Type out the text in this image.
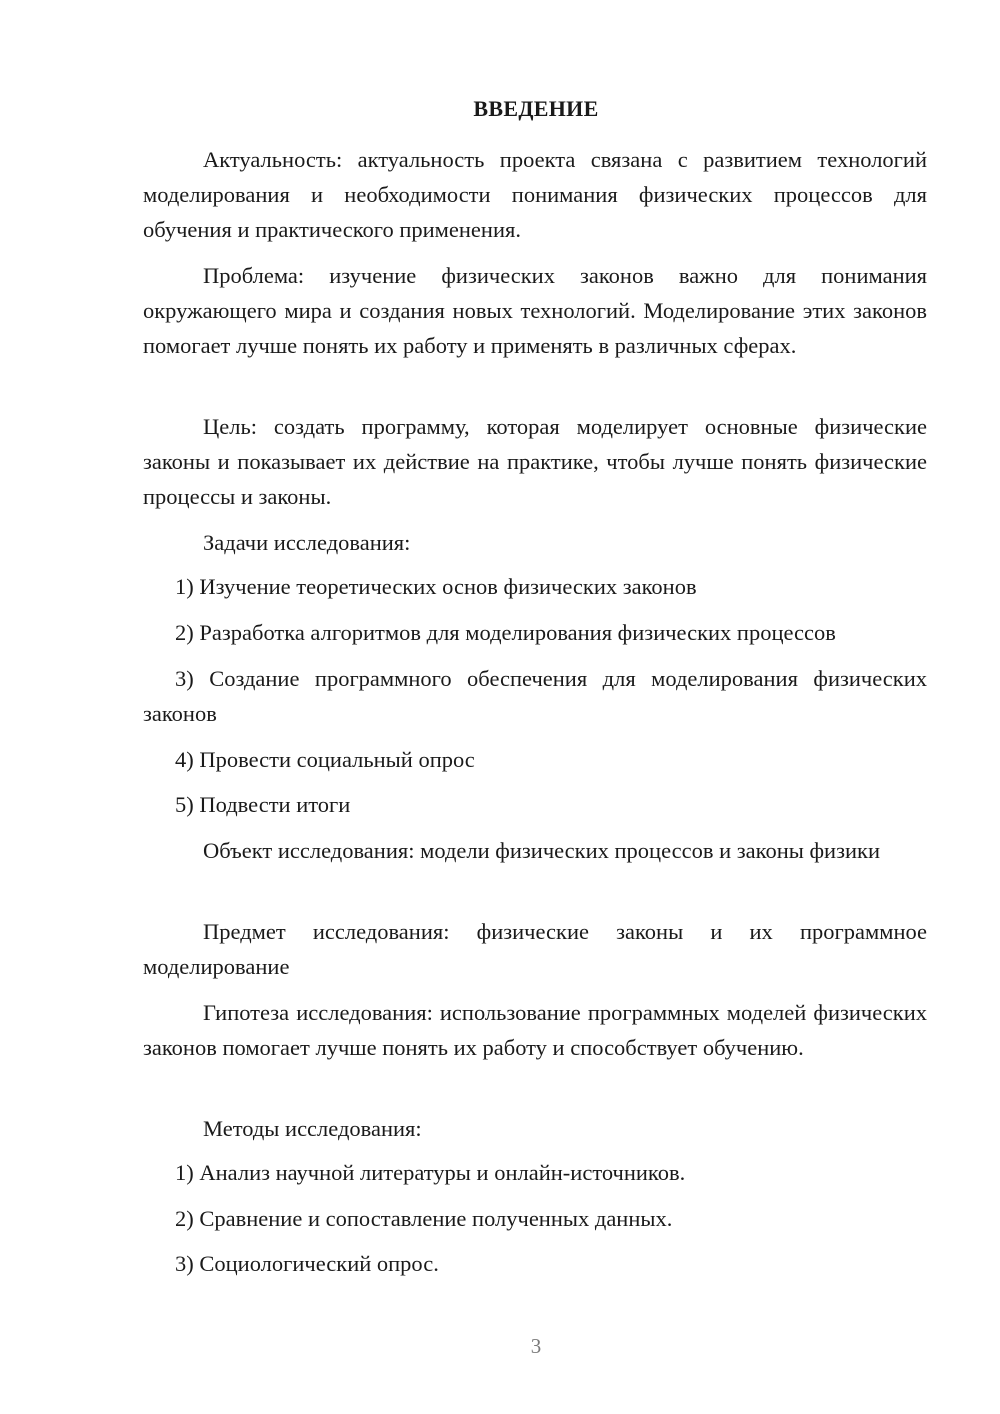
ВВЕДЕНИЕ

Актуальность: актуальность проекта связана с развитием технологий моделирования и необходимости понимания физических процессов для обучения и практического применения.

Проблема: изучение физических законов важно для понимания окружающего мира и создания новых технологий. Моделирование этих законов помогает лучше понять их работу и применять в различных сферах.

Цель: создать программу, которая моделирует основные физические законы и показывает их действие на практике, чтобы лучше понять физические процессы и законы.

Задачи исследования:

1) Изучение теоретических основ физических законов

2) Разработка алгоритмов для моделирования физических процессов

3) Создание программного обеспечения для моделирования физических законов

4) Провести социальный опрос

5) Подвести итоги

Объект исследования: модели физических процессов и законы физики

Предмет исследования: физические законы и их программное моделирование

Гипотеза исследования: использование программных моделей физических законов помогает лучше понять их работу и способствует обучению.

Методы исследования:

1) Анализ научной литературы и онлайн-источников.

2) Сравнение и сопоставление полученных данных.

3) Социологический опрос.

3
